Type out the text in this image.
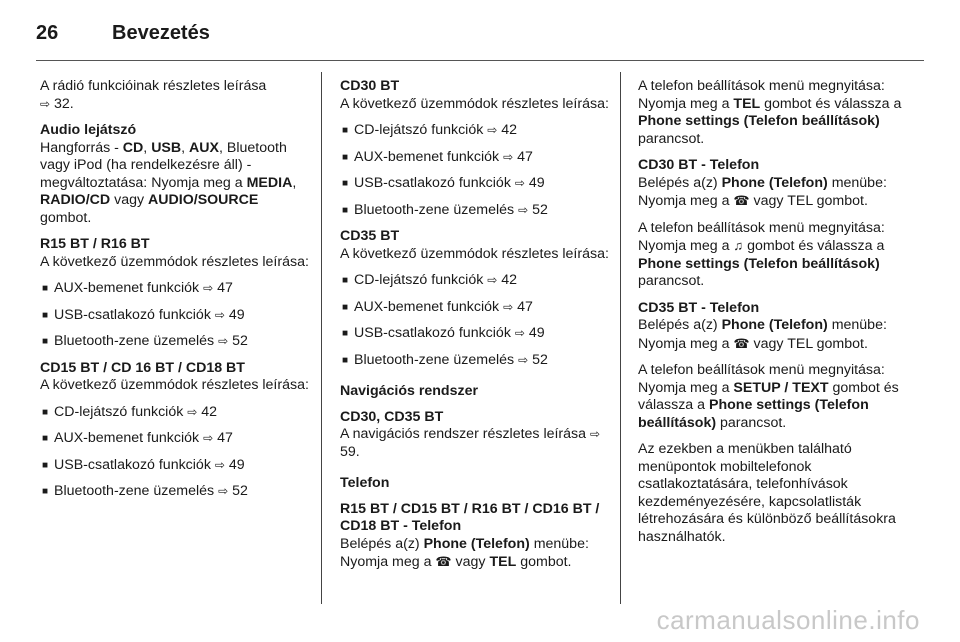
26	Bevezetés

A rádió funkcióinak részletes leírása
⇨ 32.

Audio lejátszó
Hangforrás - CD, USB, AUX, Bluetooth vagy iPod (ha rendelkezésre áll) - megváltoztatása: Nyomja meg a MEDIA, RADIO/CD vagy AUDIO/SOURCE gombot.

R15 BT / R16 BT
A következő üzemmódok részletes leírása:

■ AUX-bemenet funkciók ⇨ 47
■ USB-csatlakozó funkciók ⇨ 49
■ Bluetooth-zene üzemelés ⇨ 52

CD15 BT / CD 16 BT / CD18 BT
A következő üzemmódok részletes leírása:

■ CD-lejátszó funkciók ⇨ 42
■ AUX-bemenet funkciók ⇨ 47
■ USB-csatlakozó funkciók ⇨ 49
■ Bluetooth-zene üzemelés ⇨ 52

CD30 BT
A következő üzemmódok részletes leírása:

■ CD-lejátszó funkciók ⇨ 42
■ AUX-bemenet funkciók ⇨ 47
■ USB-csatlakozó funkciók ⇨ 49
■ Bluetooth-zene üzemelés ⇨ 52

CD35 BT
A következő üzemmódok részletes leírása:

■ CD-lejátszó funkciók ⇨ 42
■ AUX-bemenet funkciók ⇨ 47
■ USB-csatlakozó funkciók ⇨ 49
■ Bluetooth-zene üzemelés ⇨ 52

Navigációs rendszer
CD30, CD35 BT
A navigációs rendszer részletes leírása ⇨ 59.

Telefon
R15 BT / CD15 BT / R16 BT / CD16 BT / CD18 BT - Telefon
Belépés a(z) Phone (Telefon) menübe: Nyomja meg a ☎ vagy TEL gombot.

A telefon beállítások menü megnyitása: Nyomja meg a TEL gombot és válassza a Phone settings (Telefon beállítások) parancsot.

CD30 BT - Telefon
Belépés a(z) Phone (Telefon) menübe: Nyomja meg a ☎ vagy TEL gombot.

A telefon beállítások menü megnyitása: Nyomja meg a ♫ gombot és válassza a Phone settings (Telefon beállítások) parancsot.

CD35 BT - Telefon
Belépés a(z) Phone (Telefon) menübe: Nyomja meg a ☎ vagy TEL gombot.

A telefon beállítások menü megnyitása: Nyomja meg a SETUP / TEXT gombot és válassza a Phone settings (Telefon beállítások) parancsot.

Az ezekben a menükben található menüpontok mobiltelefonok csatlakoztatására, telefonhívások kezdeményezésére, kapcsolatlisták létrehozására és különböző beállításokra használhatók.

carmanualsonline.info
